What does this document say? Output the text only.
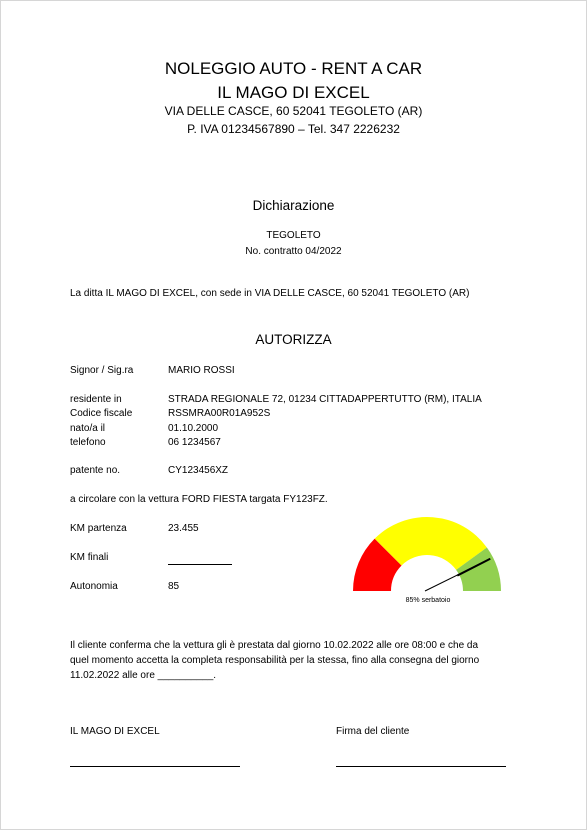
NOLEGGIO AUTO - RENT A CAR
IL MAGO DI EXCEL
VIA DELLE CASCE, 60 52041 TEGOLETO (AR)
P. IVA 01234567890 – Tel. 347 2226232
Dichiarazione
TEGOLETO
No. contratto 04/2022
La ditta IL MAGO DI EXCEL, con sede in VIA DELLE CASCE, 60 52041 TEGOLETO (AR)
AUTORIZZA
Signor / Sig.ra	MARIO ROSSI
residente in	STRADA REGIONALE 72, 01234 CITTADAPPERTUTTO (RM), ITALIA
Codice fiscale	RSSMRA00R01A952S
nato/a il	01.10.2000
telefono	06 1234567
patente no.	CY123456XZ
a circolare con la vettura FORD FIESTA targata FY123FZ.
KM partenza	23.455
KM finali
Autonomia	85
85% serbatoio
Il cliente conferma che la vettura gli è prestata dal giorno 10.02.2022 alle ore 08:00 e che da
quel momento accetta la completa responsabilità per la stessa, fino alla consegna del giorno
11.02.2022 alle ore __________.
IL MAGO DI EXCEL	Firma del cliente
